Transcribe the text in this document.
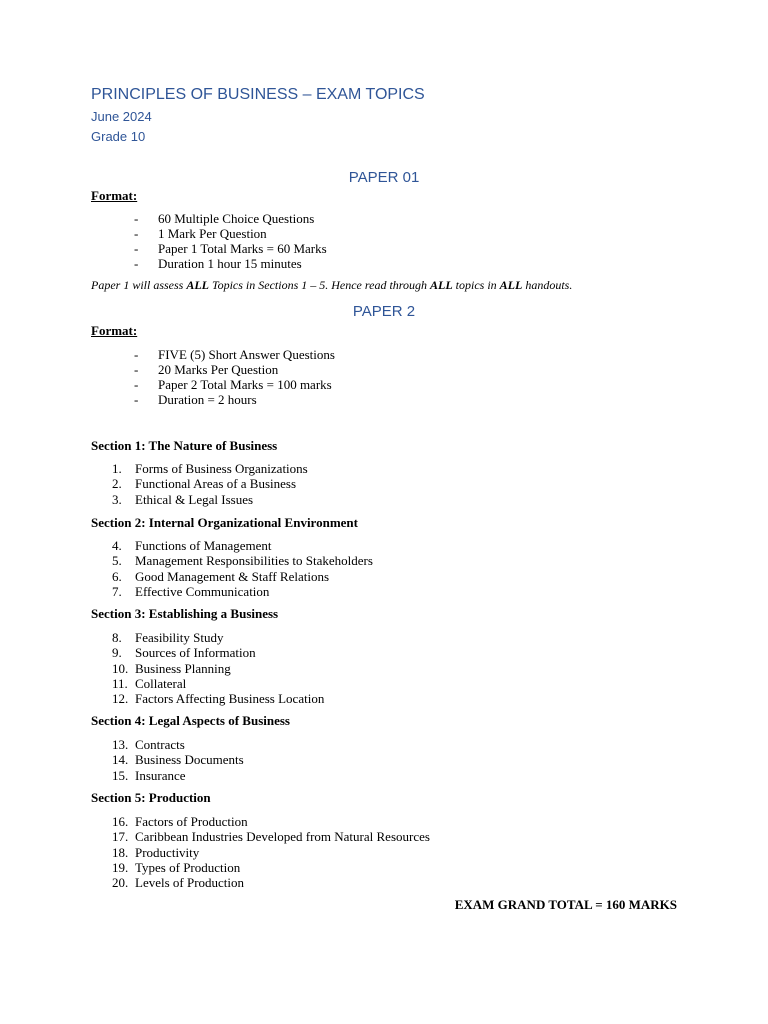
PRINCIPLES OF BUSINESS – EXAM TOPICS
June 2024
Grade 10
PAPER 01
Format:
- 60 Multiple Choice Questions
- 1 Mark Per Question
- Paper 1 Total Marks = 60 Marks
- Duration 1 hour 15 minutes
Paper 1 will assess ALL Topics in Sections 1 – 5. Hence read through ALL topics in ALL handouts.
PAPER 2
Format:
- FIVE (5) Short Answer Questions
- 20 Marks Per Question
- Paper 2 Total Marks = 100 marks
- Duration = 2 hours
Section 1: The Nature of Business
1. Forms of Business Organizations
2. Functional Areas of a Business
3. Ethical & Legal Issues
Section 2: Internal Organizational Environment
4. Functions of Management
5. Management Responsibilities to Stakeholders
6. Good Management & Staff Relations
7. Effective Communication
Section 3: Establishing a Business
8. Feasibility Study
9. Sources of Information
10. Business Planning
11. Collateral
12. Factors Affecting Business Location
Section 4: Legal Aspects of Business
13. Contracts
14. Business Documents
15. Insurance
Section 5: Production
16. Factors of Production
17. Caribbean Industries Developed from Natural Resources
18. Productivity
19. Types of Production
20. Levels of Production
EXAM GRAND TOTAL = 160 MARKS
